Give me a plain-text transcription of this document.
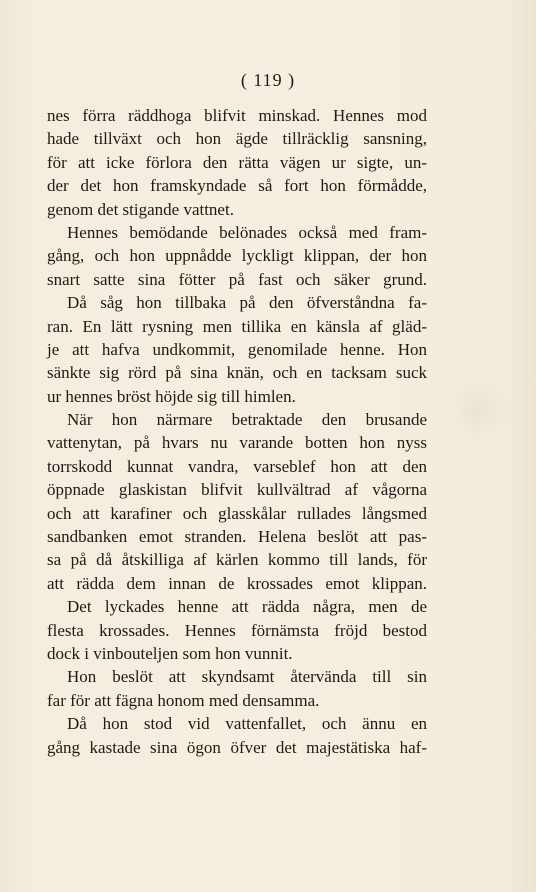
( 119 )
nes förra räddhoga blifvit minskad. Hennes mod
hade tillväxt och hon ägde tillräcklig sansning,
för att icke förlora den rätta vägen ur sigte, un-
der det hon framskyndade så fort hon förmådde,
genom det stigande vattnet.
Hennes bemödande belönades också med fram-
gång, och hon uppnådde lyckligt klippan, der hon
snart satte sina fötter på fast och säker grund.
Då såg hon tillbaka på den öfverståndna fa-
ran. En lätt rysning men tillika en känsla af gläd-
je att hafva undkommit, genomilade henne. Hon
sänkte sig rörd på sina knän, och en tacksam suck
ur hennes bröst höjde sig till himlen.
När hon närmare betraktade den brusande
vattenytan, på hvars nu varande botten hon nyss
torrskodd kunnat vandra, varseblef hon att den
öppnade glaskistan blifvit kullvältrad af vågorna
och att karafiner och glasskålar rullades långsmed
sandbanken emot stranden. Helena beslöt att pas-
sa på då åtskilliga af kärlen kommo till lands, för
att rädda dem innan de krossades emot klippan.
Det lyckades henne att rädda några, men de
flesta krossades. Hennes förnämsta fröjd bestod
dock i vinbouteljen som hon vunnit.
Hon beslöt att skyndsamt återvända till sin
far för att fägna honom med densamma.
Då hon stod vid vattenfallet, och ännu en
gång kastade sina ögon öfver det majestätiska haf-
